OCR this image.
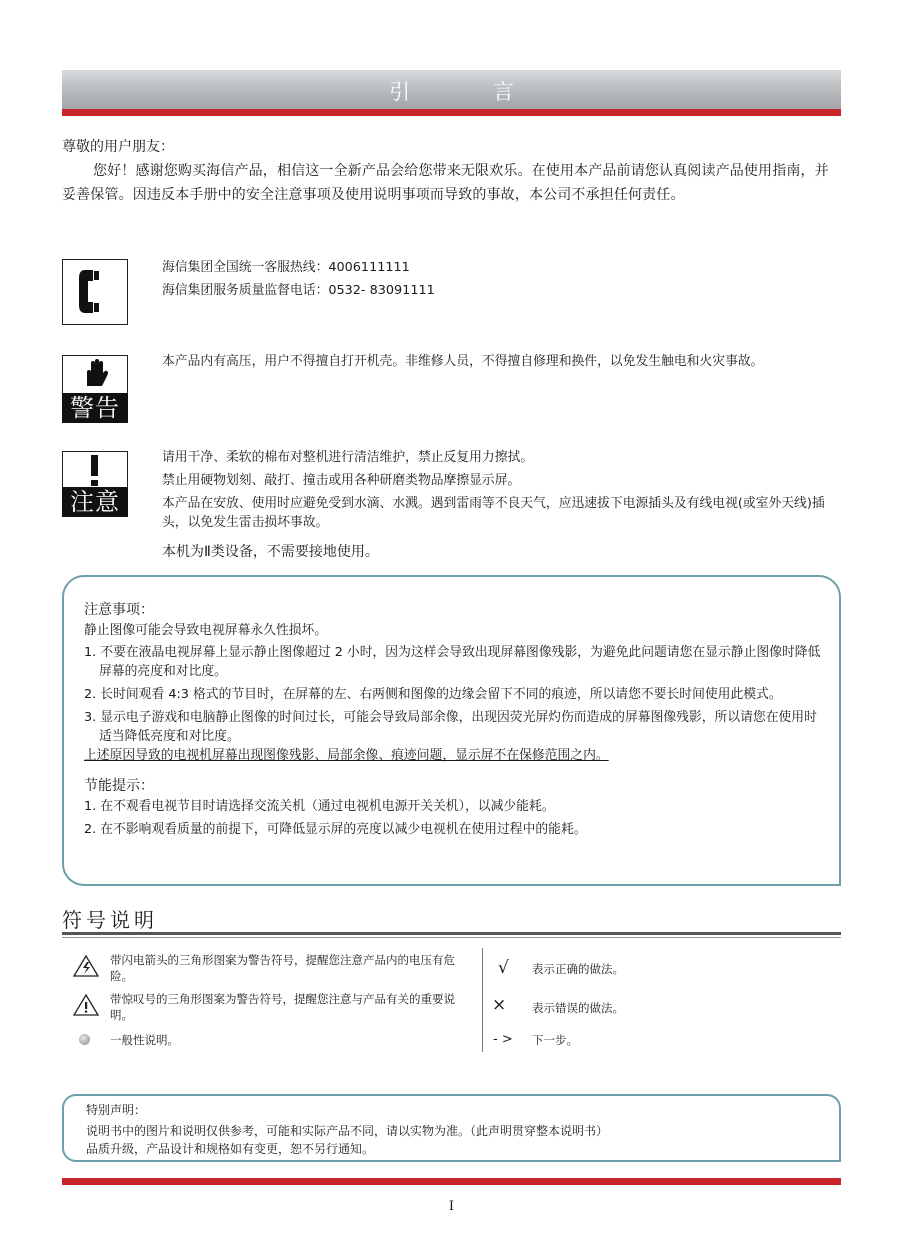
引 言
尊敬的用户朋友：
您好！感谢您购买海信产品，相信这一全新产品会给您带来无限欢乐。在使用本产品前请您认真阅读产品使用指南，并妥善保管。因违反本手册中的安全注意事项及使用说明事项而导致的事故，本公司不承担任何责任。
海信集团全国统一客服热线：4006111111
海信集团服务质量监督电话：0532- 83091111
警告
本产品内有高压，用户不得擅自打开机壳。非维修人员，不得擅自修理和换件，以免发生触电和火灾事故。
注意
请用干净、柔软的棉布对整机进行清洁维护，禁止反复用力擦拭。
禁止用硬物划刻、敲打、撞击或用各种研磨类物品摩擦显示屏。
本产品在安放、使用时应避免受到水滴、水溅。遇到雷雨等不良天气，应迅速拔下电源插头及有线电视(或室外天线)插头，以免发生雷击损坏事故。
本机为Ⅱ类设备，不需要接地使用。

注意事项：

静止图像可能会导致电视屏幕永久性损坏。

1. 不要在液晶电视屏幕上显示静止图像超过 2 小时，因为这样会导致出现屏幕图像残影，为避免此问题请您在显示静止图像时降低屏幕的亮度和对比度。

2. 长时间观看 4:3 格式的节目时，在屏幕的左、右两侧和图像的边缘会留下不同的痕迹，所以请您不要长时间使用此模式。

3. 显示电子游戏和电脑静止图像的时间过长，可能会导致局部余像，出现因荧光屏灼伤而造成的屏幕图像残影，所以请您在使用时适当降低亮度和对比度。

上述原因导致的电视机屏幕出现图像残影、局部余像、痕迹问题，显示屏不在保修范围之内。

节能提示：

1. 在不观看电视节目时请选择交流关机（通过电视机电源开关关机），以减少能耗。

2. 在不影响观看质量的前提下，可降低显示屏的亮度以减少电视机在使用过程中的能耗。

符号说明
带闪电箭头的三角形图案为警告符号，提醒您注意产品内的电压有危险。
带惊叹号的三角形图案为警告符号，提醒您注意与产品有关的重要说明。
一般性说明。
√ 表示正确的做法。
× 表示错误的做法。
- > 下一步。
特别声明：
说明书中的图片和说明仅供参考，可能和实际产品不同，请以实物为准。（此声明贯穿整本说明书）
品质升级，产品设计和规格如有变更，恕不另行通知。
I
